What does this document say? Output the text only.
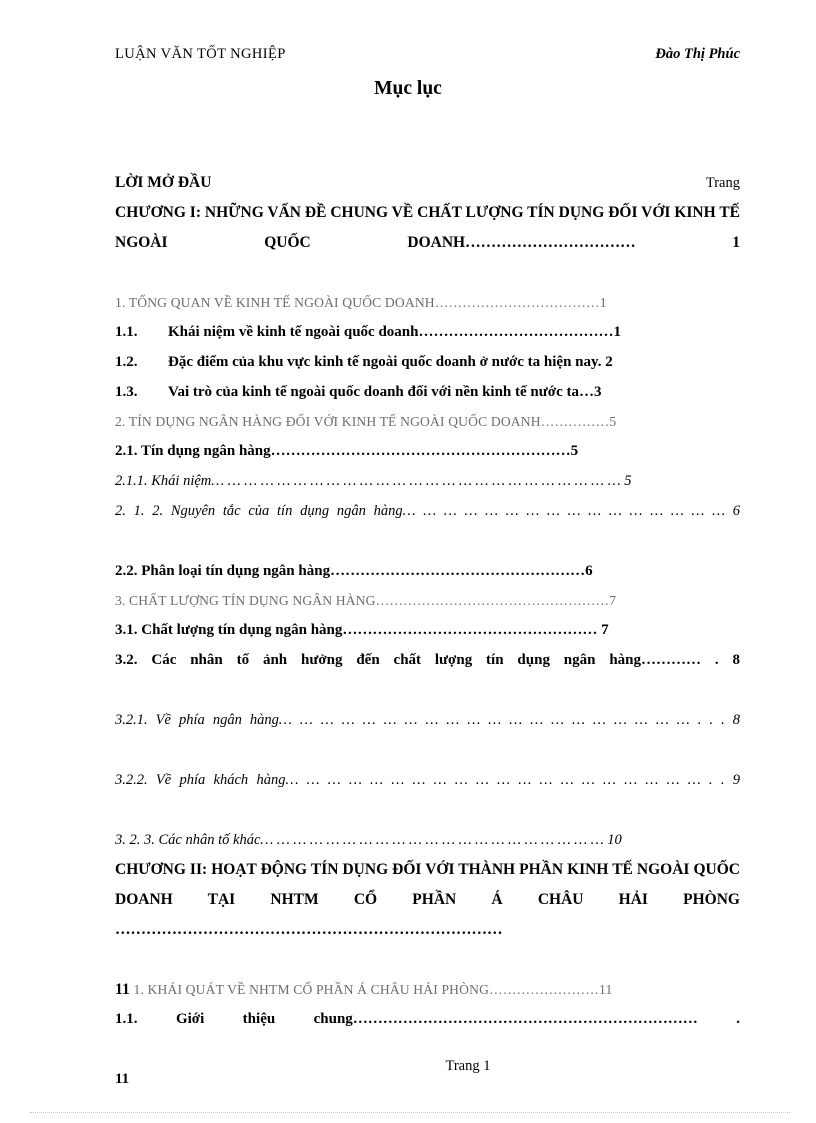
LUẬN VĂN TỐT NGHIỆP	Đào Thị Phúc
Mục lục
LỜI MỞ ĐẦU	Trang
CHƯƠNG I: NHỮNG VẤN ĐỀ CHUNG VỀ CHẤT LƯỢNG TÍN DỤNG ĐỐI VỚI KINH TẾ NGOÀI QUỐC DOANH…………………………… 1
1. TỔNG QUAN VỀ KINH TẾ NGOÀI QUỐC DOANH………………………………1
1.1.	Khái niệm về kinh tế ngoài quốc doanh…………………………………1
1.2.	Đặc điểm của khu vực kinh tế ngoài quốc doanh ở nước ta hiện nay. 2
1.3.	Vai trò của kinh tế ngoài quốc doanh đối với nền kinh tế nước ta…3
2. TÍN DỤNG NGÂN HÀNG ĐỐI VỚI KINH TẾ NGOÀI QUỐC DOANH……………5
2.1. Tín dụng ngân hàng……………………………………………………5
2.1.1. Khái niệm… … … … … … … … … … … … … … … … … … … … … … … … … 5
2. 1. 2. Nguyên tắc của tín dụng ngân hàng… … … … … … … … … … … … … … … … 6
2.2. Phân loại tín dụng ngân hàng……………………………………………6
3. CHẤT LƯỢNG TÍN DỤNG NGÂN HÀNG……………………………………………7
3.1. Chất lượng tín dụng ngân hàng…………………………………………… 7
3.2. Các nhân tố ảnh hưởng đến chất lượng tín dụng ngân hàng………… . 8
3.2.1. Về phía ngân hàng… … … … … … … … … … … … … … … … … … … … . . . 8
3.2.2. Về phía khách hàng… … … … … … … … … … … … … … … … … … … … . . 9
3. 2. 3. Các nhân tố khác… … … … … … … … … … … … … … … … … … … … … 10
CHƯƠNG II: HOẠT ĐỘNG TÍN DỤNG ĐỐI VỚI THÀNH PHẦN KINH TẾ NGOÀI QUỐC DOANH TẠI NHTM CỔ PHẦN Á CHÂU HẢI PHÒNG …………………………………………………………………
11 1. KHÁI QUÁT VỀ NHTM CỔ PHẦN Á CHÂU HẢI PHÒNG……………………11
1.1. Giới thiệu chung…………………………………………………………… .
11
Trang 1
